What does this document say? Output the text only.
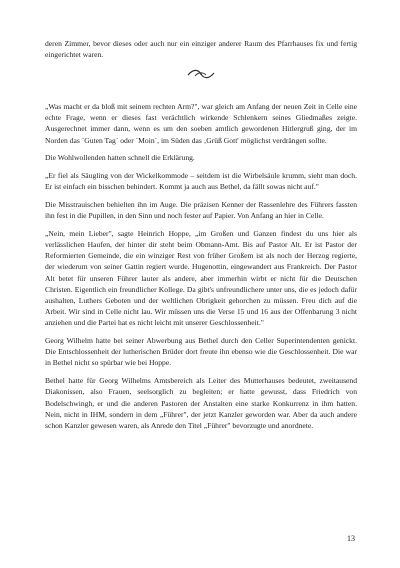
deren Zimmer, bevor dieses oder auch nur ein einziger anderer Raum des Pfarrhauses fix und fertig eingerichtet waren.

„Was macht er da bloß mit seinem rechten Arm?", war gleich am Anfang der neuen Zeit in Celle eine echte Frage, wenn er dieses fast verächtlich wirkende Schlenkern seines Gliedmaßes zeigte. Ausgerechnet immer dann, wenn es um den soeben amtlich gewordenen Hitlergruß ging, der im Norden das ´Guten Tag` oder ´Moin`, im Süden das ‚Grüß Gott' möglichst verdrängen sollte.

Die Wohlwollenden hatten schnell die Erklärung.

„Er fiel als Säugling von der Wickelkommode – seitdem ist die Wirbelsäule krumm, sieht man doch. Er ist einfach ein bisschen behindert. Kommt ja auch aus Bethel, da fällt sowas nicht auf."

Die Misstrauischen behielten ihn im Auge. Die präzisen Kenner der Rassenlehre des Führers fassten ihn fest in die Pupillen, in den Sinn und noch fester auf Papier. Von Anfang an hier in Celle.

„Nein, mein Lieber", sagte Heinrich Hoppe, „im Großen und Ganzen findest du uns hier als verlässlichen Haufen, der hinter dir steht beim Obmann-Amt. Bis auf Pastor Alt. Er ist Pastor der Reformierten Gemeinde, die ein winziger Rest von früher Großem ist als noch der Herzog regierte, der wiederum von seiner Gattin regiert wurde. Hugenottin, eingewandert aus Frankreich. Der Pastor Alt betet für unseren Führer lauter als andere, aber immerhin wirbt er nicht für die Deutschen Christen. Eigentlich ein freundlicher Kollege. Da gibt's unfreundlichere unter uns, die es jedoch dafür aushalten, Luthers Geboten und der weltlichen Obrigkeit gehorchen zu müssen. Freu dich auf die Arbeit. Wir sind in Celle nicht lau. Wir müssen uns die Verse 15 und 16 aus der Offenbarung 3 nicht anziehen und die Partei hat es nicht leicht mit unserer Geschlossenheit."

Georg Wilhelm hatte bei seiner Abwerbung aus Bethel durch den Celler Superintendenten genickt. Die Entschlossenheit der lutherischen Brüder dort freute ihn ebenso wie die Geschlossenheit. Die war in Bethel nicht so spürbar wie bei Hoppe.

Bethel hatte für Georg Wilhelms Amtsbereich als Leiter des Mutterhauses bedeutet, zweitausend Diakonissen, also Frauen, seelsorglich zu begleiten; er hatte gewusst, dass Friedrich von Bodelschwingh, er und die anderen Pastoren der Anstalten eine starke Konkurrenz in ihm hatten. Nein, nicht in IHM, sondern in dem „Führer", der jetzt Kanzler geworden war. Aber da auch andere schon Kanzler gewesen waren, als Anrede den Titel „Führer" bevorzugte und anordnete.

13
